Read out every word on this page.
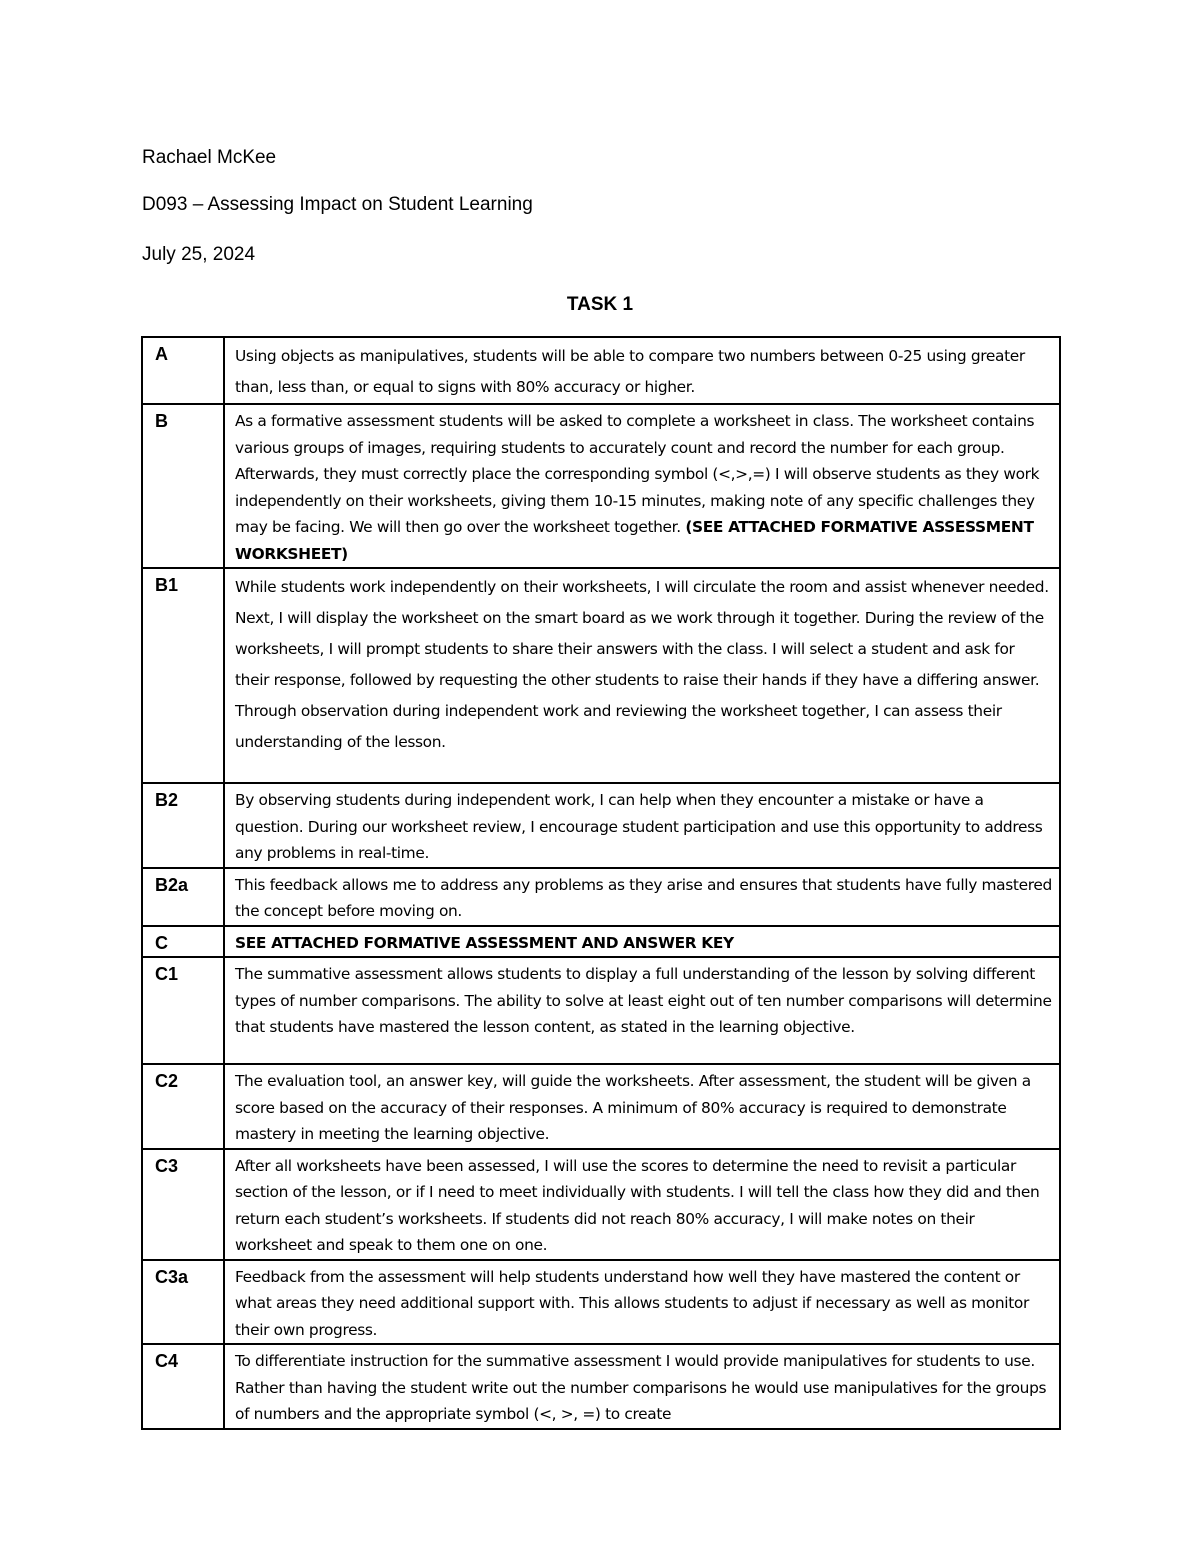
Rachael McKee
D093 – Assessing Impact on Student Learning
July 25, 2024
TASK 1
A	Using objects as manipulatives, students will be able to compare two numbers between 0-25 using greater than, less than, or equal to signs with 80% accuracy or higher.
B	As a formative assessment students will be asked to complete a worksheet in class. The worksheet contains various groups of images, requiring students to accurately count and record the number for each group. Afterwards, they must correctly place the corresponding symbol (<,>,=) I will observe students as they work independently on their worksheets, giving them 10-15 minutes, making note of any specific challenges they may be facing. We will then go over the worksheet together. (SEE ATTACHED FORMATIVE ASSESSMENT WORKSHEET)
B1	While students work independently on their worksheets, I will circulate the room and assist whenever needed. Next, I will display the worksheet on the smart board as we work through it together. During the review of the worksheets, I will prompt students to share their answers with the class. I will select a student and ask for their response, followed by requesting the other students to raise their hands if they have a differing answer. Through observation during independent work and reviewing the worksheet together, I can assess their understanding of the lesson.
B2	By observing students during independent work, I can help when they encounter a mistake or have a question. During our worksheet review, I encourage student participation and use this opportunity to address any problems in real-time.
B2a	This feedback allows me to address any problems as they arise and ensures that students have fully mastered the concept before moving on.
C	SEE ATTACHED FORMATIVE ASSESSMENT AND ANSWER KEY
C1	The summative assessment allows students to display a full understanding of the lesson by solving different types of number comparisons. The ability to solve at least eight out of ten number comparisons will determine that students have mastered the lesson content, as stated in the learning objective.
C2	The evaluation tool, an answer key, will guide the worksheets. After assessment, the student will be given a score based on the accuracy of their responses. A minimum of 80% accuracy is required to demonstrate mastery in meeting the learning objective.
C3	After all worksheets have been assessed, I will use the scores to determine the need to revisit a particular section of the lesson, or if I need to meet individually with students. I will tell the class how they did and then return each student’s worksheets. If students did not reach 80% accuracy, I will make notes on their worksheet and speak to them one on one.
C3a	Feedback from the assessment will help students understand how well they have mastered the content or what areas they need additional support with. This allows students to adjust if necessary as well as monitor their own progress.
C4	To differentiate instruction for the summative assessment I would provide manipulatives for students to use. Rather than having the student write out the number comparisons he would use manipulatives for the groups of numbers and the appropriate symbol (<, >, =) to create
